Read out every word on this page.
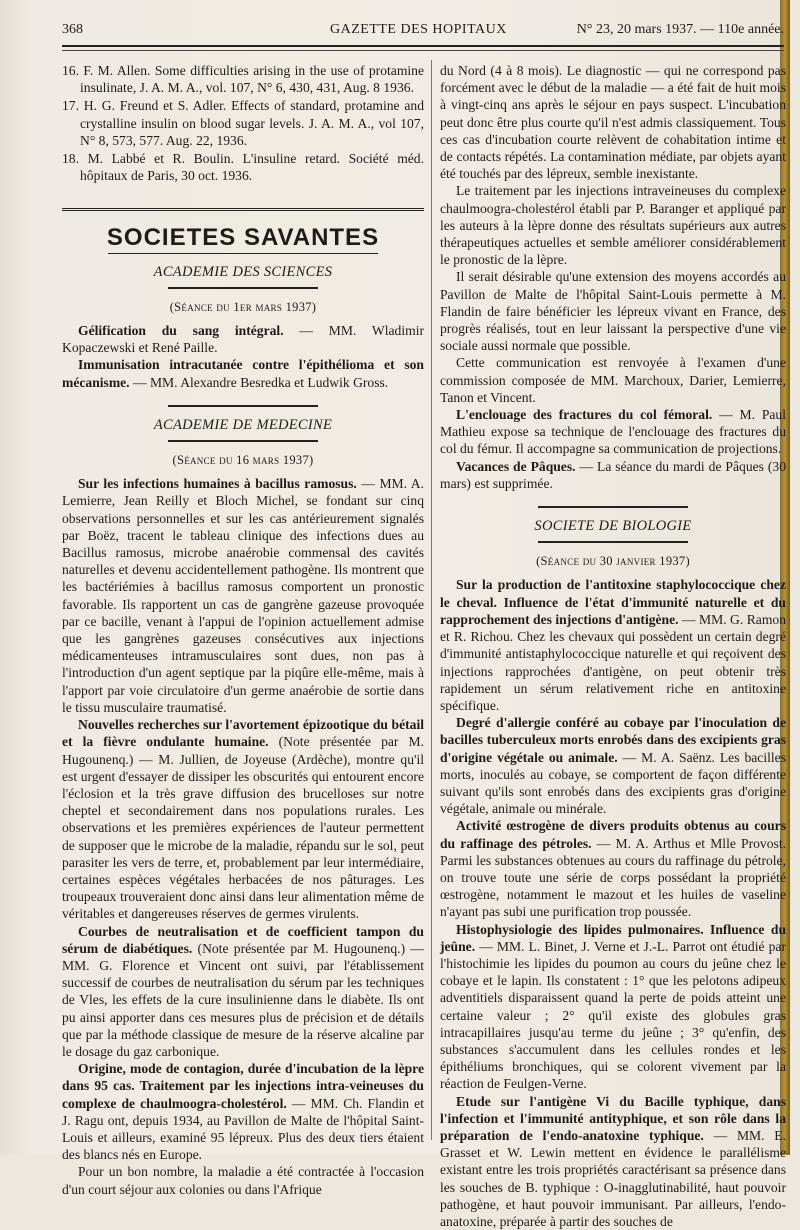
368	GAZETTE DES HOPITAUX	N° 23, 20 mars 1937. — 110e année.

16. F. M. Allen. Some difficulties arising in the use of protamine insulinate, J. A. M. A., vol. 107, N° 6, 430, 431, Aug. 8 1936.

17. H. G. Freund et S. Adler. Effects of standard, protamine and crystalline insulin on blood sugar levels. J. A. M. A., vol 107, N° 8, 573, 577. Aug. 22, 1936.

18. M. Labbé et R. Boulin. L'insuline retard. Société méd. hôpitaux de Paris, 30 oct. 1936.

SOCIETES SAVANTES
ACADEMIE DES SCIENCES
(Séance du 1er mars 1937)

Gélification du sang intégral. — MM. Wladimir Kopaczewski et René Paille.

Immunisation intracutanée contre l'épithélioma et son mécanisme. — MM. Alexandre Besredka et Ludwik Gross.

ACADEMIE DE MEDECINE
(Séance du 16 mars 1937)

Sur les infections humaines à bacillus ramosus. — MM. A. Lemierre, Jean Reilly et Bloch Michel, se fondant sur cinq observations personnelles et sur les cas antérieurement signalés par Boëz, tracent le tableau clinique des infections dues au Bacillus ramosus, microbe anaérobie commensal des cavités naturelles et devenu accidentellement pathogène. Ils montrent que les bactériémies à bacillus ramosus comportent un pronostic favorable. Ils rapportent un cas de gangrène gazeuse provoquée par ce bacille, venant à l'appui de l'opinion actuellement admise que les gangrènes gazeuses consécutives aux injections médicamenteuses intramusculaires sont dues, non pas à l'introduction d'un agent septique par la piqûre elle-même, mais à l'apport par voie circulatoire d'un germe anaérobie de sortie dans le tissu musculaire traumatisé.

Nouvelles recherches sur l'avortement épizootique du bétail et la fièvre ondulante humaine. (Note présentée par M. Hugounenq.) — M. Jullien, de Joyeuse (Ardèche), montre qu'il est urgent d'essayer de dissiper les obscurités qui entourent encore l'éclosion et la très grave diffusion des brucelloses sur notre cheptel et secondairement dans nos populations rurales. Les observations et les premières expériences de l'auteur permettent de supposer que le microbe de la maladie, répandu sur le sol, peut parasiter les vers de terre, et, probablement par leur intermédiaire, certaines espèces végétales herbacées de nos pâturages. Les troupeaux trouveraient donc ainsi dans leur alimentation même de véritables et dangereuses réserves de germes virulents.

Courbes de neutralisation et de coefficient tampon du sérum de diabétiques. (Note présentée par M. Hugounenq.) — MM. G. Florence et Vincent ont suivi, par l'établissement successif de courbes de neutralisation du sérum par les techniques de Vles, les effets de la cure insulinienne dans le diabète. Ils ont pu ainsi apporter dans ces mesures plus de précision et de détails que par la méthode classique de mesure de la réserve alcaline par le dosage du gaz carbonique.

Origine, mode de contagion, durée d'incubation de la lèpre dans 95 cas. Traitement par les injections intra-veineuses du complexe de chaulmoogra-cholestérol. — MM. Ch. Flandin et J. Ragu ont, depuis 1934, au Pavillon de Malte de l'hôpital Saint-Louis et ailleurs, examiné 95 lépreux. Plus des deux tiers étaient des blancs nés en Europe.

Pour un bon nombre, la maladie a été contractée à l'occasion d'un court séjour aux colonies ou dans l'Afrique

du Nord (4 à 8 mois). Le diagnostic — qui ne correspond pas forcément avec le début de la maladie — a été fait de huit mois à vingt-cinq ans après le séjour en pays suspect. L'incubation peut donc être plus courte qu'il n'est admis classiquement. Tous ces cas d'incubation courte relèvent de cohabitation intime et de contacts répétés. La contamination médiate, par objets ayant été touchés par des lépreux, semble inexistante.

Le traitement par les injections intraveineuses du complexe chaulmoogra-cholestérol établi par P. Baranger et appliqué par les auteurs à la lèpre donne des résultats supérieurs aux autres thérapeutiques actuelles et semble améliorer considérablement le pronostic de la lèpre.

Il serait désirable qu'une extension des moyens accordés au Pavillon de Malte de l'hôpital Saint-Louis permette à M. Flandin de faire bénéficier les lépreux vivant en France, des progrès réalisés, tout en leur laissant la perspective d'une vie sociale aussi normale que possible.

Cette communication est renvoyée à l'examen d'une commission composée de MM. Marchoux, Darier, Lemierre, Tanon et Vincent.

L'enclouage des fractures du col fémoral. — M. Paul Mathieu expose sa technique de l'enclouage des fractures du col du fémur. Il accompagne sa communication de projections.

Vacances de Pâques. — La séance du mardi de Pâques (30 mars) est supprimée.

SOCIETE DE BIOLOGIE
(Séance du 30 janvier 1937)

Sur la production de l'antitoxine staphylococcique chez le cheval. Influence de l'état d'immunité naturelle et du rapprochement des injections d'antigène. — MM. G. Ramon et R. Richou. Chez les chevaux qui possèdent un certain degré d'immunité antistaphylococcique naturelle et qui reçoivent des injections rapprochées d'antigène, on peut obtenir très rapidement un sérum relativement riche en antitoxine spécifique.

Degré d'allergie conféré au cobaye par l'inoculation de bacilles tuberculeux morts enrobés dans des excipients gras d'origine végétale ou animale. — M. A. Saënz. Les bacilles morts, inoculés au cobaye, se comportent de façon différente suivant qu'ils sont enrobés dans des excipients gras d'origine végétale, animale ou minérale.

Activité œstrogène de divers produits obtenus au cours du raffinage des pétroles. — M. A. Arthus et Mlle Provost. Parmi les substances obtenues au cours du raffinage du pétrole, on trouve toute une série de corps possédant la propriété œstrogène, notamment le mazout et les huiles de vaseline n'ayant pas subi une purification trop poussée.

Histophysiologie des lipides pulmonaires. Influence du jeûne. — MM. L. Binet, J. Verne et J.-L. Parrot ont étudié par l'histochimie les lipides du poumon au cours du jeûne chez le cobaye et le lapin. Ils constatent : 1° que les pelotons adipeux adventitiels disparaissent quand la perte de poids atteint une certaine valeur ; 2° qu'il existe des globules gras intracapillaires jusqu'au terme du jeûne ; 3° qu'enfin, des substances s'accumulent dans les cellules rondes et les épithéliums bronchiques, qui se colorent vivement par la réaction de Feulgen-Verne.

Etude sur l'antigène Vi du Bacille typhique, dans l'infection et l'immunité antityphique, et son rôle dans la préparation de l'endo-anatoxine typhique. — MM. E. Grasset et W. Lewin mettent en évidence le parallélisme existant entre les trois propriétés caractérisant sa présence dans les souches de B. typhique : O-inagglutinabilité, haut pouvoir pathogène, et haut pouvoir immunisant. Par ailleurs, l'endo-anatoxine, préparée à partir des souches de
